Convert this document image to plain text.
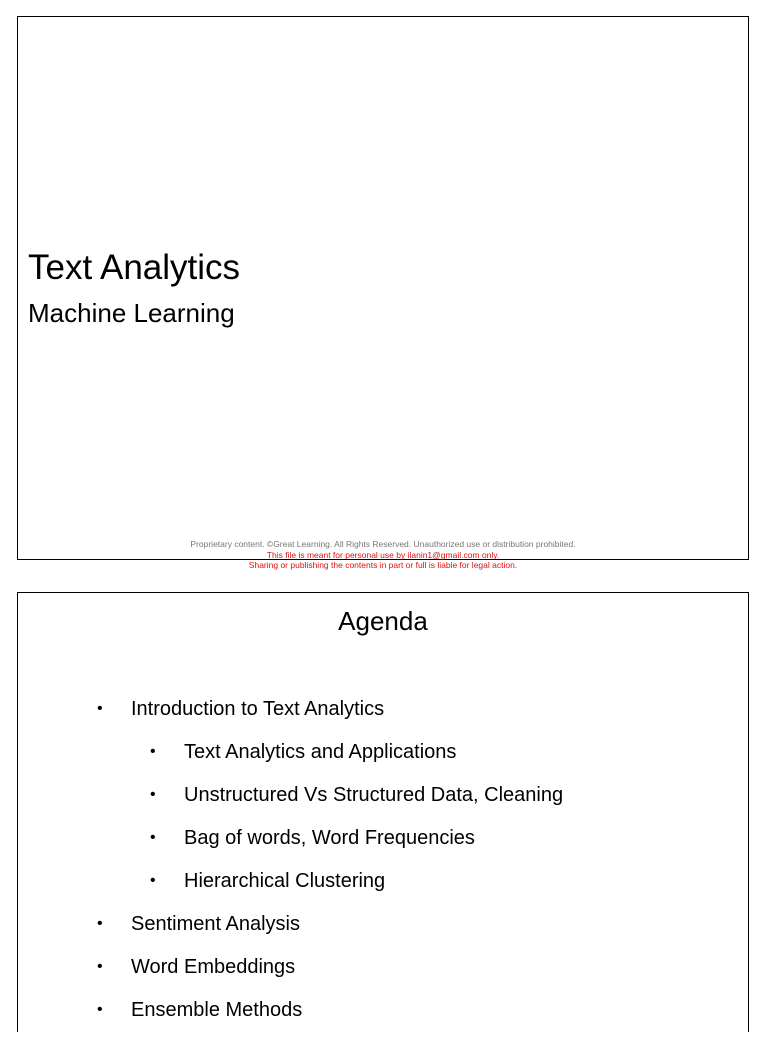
Text Analytics
Machine Learning
Proprietary content. ©Great Learning. All Rights Reserved. Unauthorized use or distribution prohibited.
This file is meant for personal use by ilanin1@gmail.com only.
Sharing or publishing the contents in part or full is liable for legal action.
Agenda
• Introduction to Text Analytics
• Text Analytics and Applications
• Unstructured Vs Structured Data, Cleaning
• Bag of words, Word Frequencies
• Hierarchical Clustering
• Sentiment Analysis
• Word Embeddings
• Ensemble Methods
